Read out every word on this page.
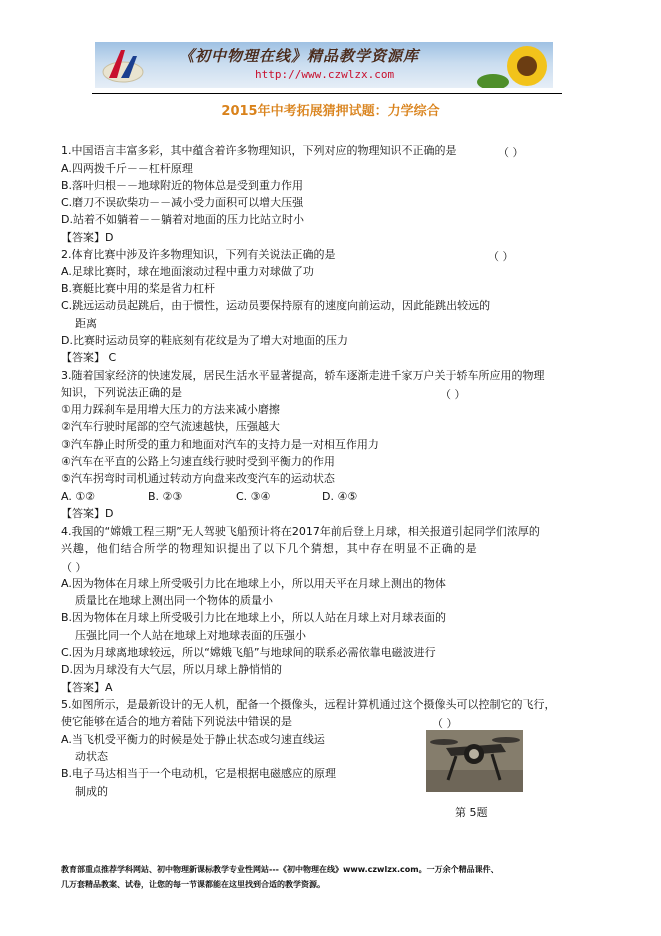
《初中物理在线》精品教学资源库
http://www.czwlzx.com
2015年中考拓展猜押试题：力学综合
1.中国语言丰富多彩，其中蕴含着许多物理知识，下列对应的物理知识不正确的是	（ ）
A.四两拨千斤－－杠杆原理
B.落叶归根－－地球附近的物体总是受到重力作用
C.磨刀不误砍柴功－－减小受力面积可以增大压强
D.站着不如躺着－－躺着对地面的压力比站立时小
【答案】D
2.体育比赛中涉及许多物理知识，下列有关说法正确的是	（ ）
A.足球比赛时，球在地面滚动过程中重力对球做了功
B.赛艇比赛中用的桨是省力杠杆
C.跳远运动员起跳后，由于惯性，运动员要保持原有的速度向前运动，因此能跳出较远的
距离
D.比赛时运动员穿的鞋底刻有花纹是为了增大对地面的压力
【答案】 C
3.随着国家经济的快速发展，居民生活水平显著提高，轿车逐渐走进千家万户关于轿车所应用的物理
知识，下列说法正确的是	（ ）
①用力踩刹车是用增大压力的方法来减小磨擦
②汽车行驶时尾部的空气流速越快，压强越大
③汽车静止时所受的重力和地面对汽车的支持力是一对相互作用力
④汽车在平直的公路上匀速直线行驶时受到平衡力的作用
⑤汽车拐弯时司机通过转动方向盘来改变汽车的运动状态
A. ①②	B. ②③	C. ③④	D. ④⑤
【答案】D
4.我国的“嫦娥工程三期”无人驾驶飞船预计将在2017年前后登上月球，相关报道引起同学们浓厚的
兴趣，他们结合所学的物理知识提出了以下几个猜想，其中存在明显不正确的是
（ ）
A.因为物体在月球上所受吸引力比在地球上小，所以用天平在月球上测出的物体
质量比在地球上测出同一个物体的质量小
B.因为物体在月球上所受吸引力比在地球上小，所以人站在月球上对月球表面的
压强比同一个人站在地球上对地球表面的压强小
C.因为月球离地球较远，所以“嫦娥飞船”与地球间的联系必需依靠电磁波进行
D.因为月球没有大气层，所以月球上静悄悄的
【答案】A
5.如图所示，是最新设计的无人机，配备一个摄像头，远程计算机通过这个摄像头可以控制它的飞行，
使它能够在适合的地方着陆下列说法中错误的是	（ ）
A.当飞机受平衡力的时候是处于静止状态或匀速直线运
动状态
B.电子马达相当于一个电动机，它是根据电磁感应的原理
制成的
第 5题
教育部重点推荐学科网站、初中物理新课标教学专业性网站---《初中物理在线》www.czwlzx.com。一万余个精品课件、
几万套精品教案、试卷，让您的每一节课都能在这里找到合适的教学资源。
